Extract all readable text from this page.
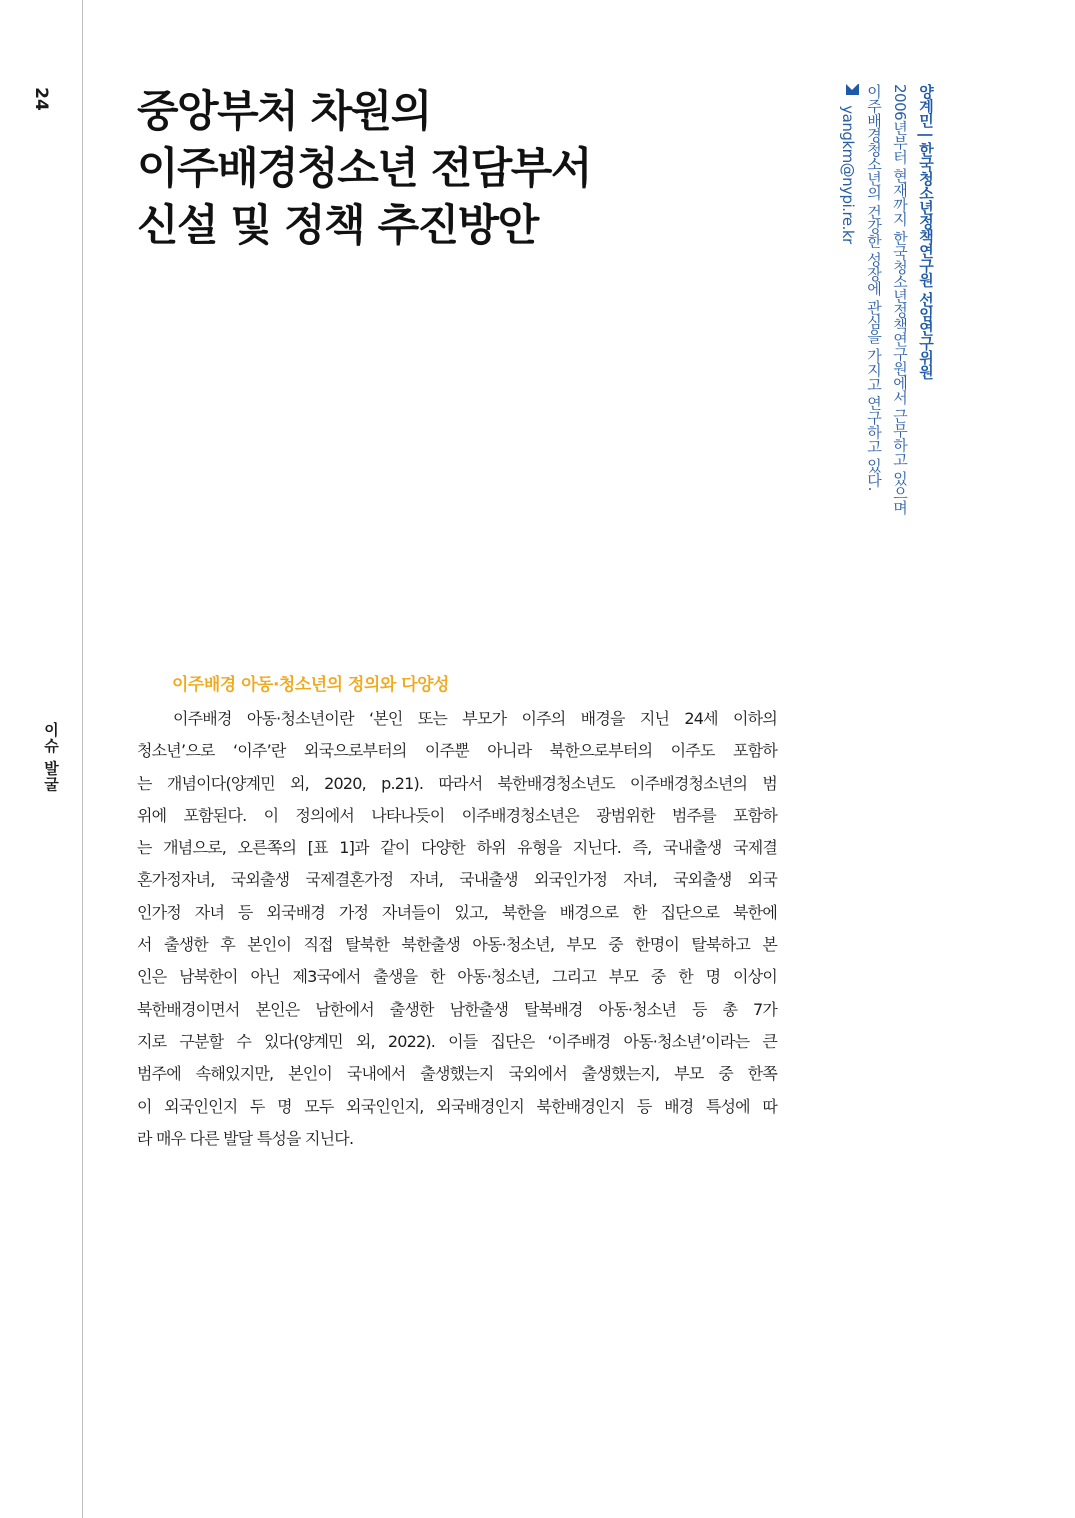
24
이슈 발굴
중앙부처 차원의
이주배경청소년 전담부서
신설 및 정책 추진방안	양계민 | 한국청소년정책연구원 선임연구위원
2006년부터 현재까지 한국청소년정책연구원에서 근무하고 있으며
이주배경청소년의 건강한 성장에 관심을 가지고 연구하고 있다.
yangkm@nypi.re.kr
이주배경 아동·청소년의 정의와 다양성
이주배경 아동·청소년이란 ‘본인 또는 부모가 이주의 배경을 지닌 24세 이하의
청소년’으로 ‘이주’란 외국으로부터의 이주뿐 아니라 북한으로부터의 이주도 포함하
는 개념이다(양계민 외, 2020, p.21). 따라서 북한배경청소년도 이주배경청소년의 범
위에 포함된다. 이 정의에서 나타나듯이 이주배경청소년은 광범위한 범주를 포함하
는 개념으로, 오른쪽의 [표 1]과 같이 다양한 하위 유형을 지닌다. 즉, 국내출생 국제결
혼가정자녀, 국외출생 국제결혼가정 자녀, 국내출생 외국인가정 자녀, 국외출생 외국
인가정 자녀 등 외국배경 가정 자녀들이 있고, 북한을 배경으로 한 집단으로 북한에
서 출생한 후 본인이 직접 탈북한 북한출생 아동·청소년, 부모 중 한명이 탈북하고 본
인은 남북한이 아닌 제3국에서 출생을 한 아동·청소년, 그리고 부모 중 한 명 이상이
북한배경이면서 본인은 남한에서 출생한 남한출생 탈북배경 아동·청소년 등 총 7가
지로 구분할 수 있다(양계민 외, 2022). 이들 집단은 ‘이주배경 아동·청소년’이라는 큰
범주에 속해있지만, 본인이 국내에서 출생했는지 국외에서 출생했는지, 부모 중 한쪽
이 외국인인지 두 명 모두 외국인인지, 외국배경인지 북한배경인지 등 배경 특성에 따
라 매우 다른 발달 특성을 지닌다.
